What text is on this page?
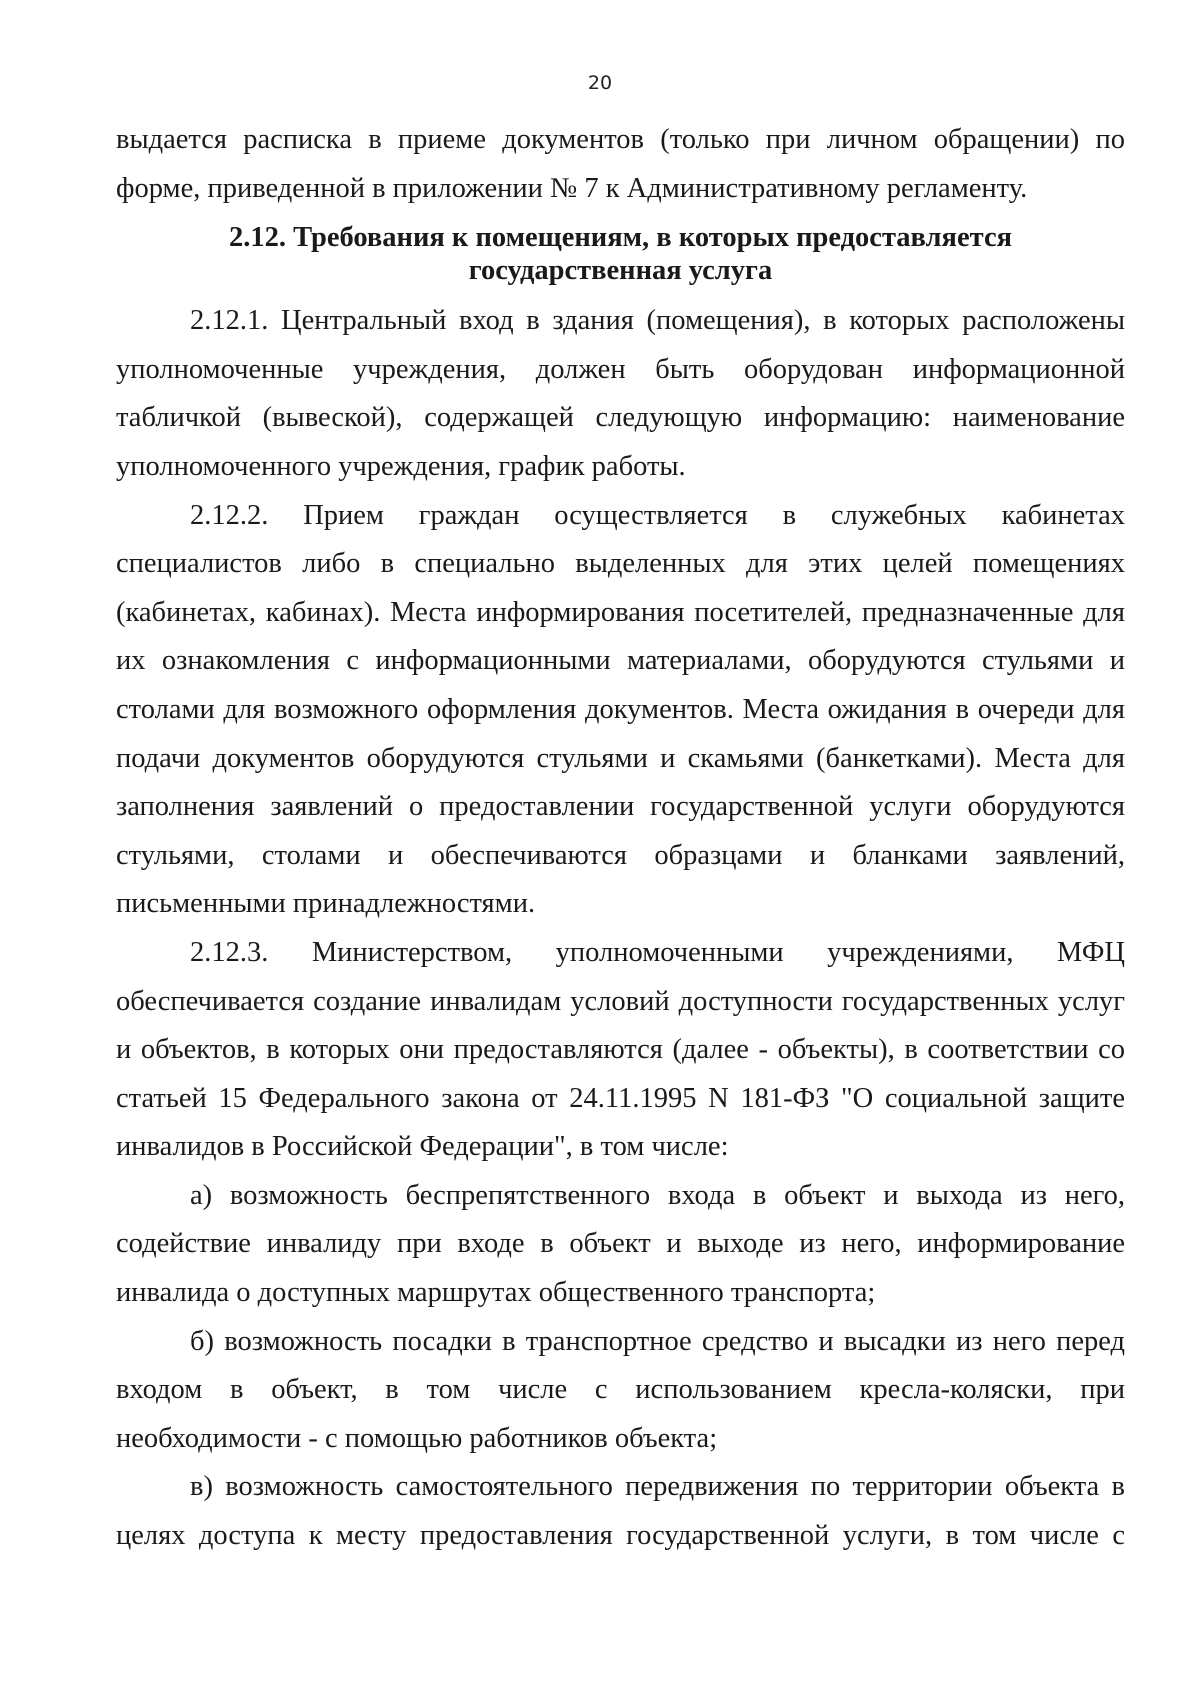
20

выдается расписка в приеме документов (только при личном обращении) по

форме, приведенной в приложении № 7 к Административному регламенту.

2.12. Требования к помещениям, в которых предоставляется
государственная услуга

2.12.1. Центральный вход в здания (помещения), в которых расположены

уполномоченные учреждения, должен быть оборудован информационной

табличкой (вывеской), содержащей следующую информацию: наименование

уполномоченного учреждения, график работы.

2.12.2. Прием граждан осуществляется в служебных кабинетах

специалистов либо в специально выделенных для этих целей помещениях

(кабинетах, кабинах). Места информирования посетителей, предназначенные для

их ознакомления с информационными материалами, оборудуются стульями и

столами для возможного оформления документов. Места ожидания в очереди для

подачи документов оборудуются стульями и скамьями (банкетками). Места для

заполнения заявлений о предоставлении государственной услуги оборудуются

стульями, столами и обеспечиваются образцами и бланками заявлений,

письменными принадлежностями.

2.12.3. Министерством, уполномоченными учреждениями, МФЦ

обеспечивается создание инвалидам условий доступности государственных услуг

и объектов, в которых они предоставляются (далее - объекты), в соответствии со

статьей 15 Федерального закона от 24.11.1995 N 181-ФЗ "О социальной защите

инвалидов в Российской Федерации", в том числе:

а) возможность беспрепятственного входа в объект и выхода из него,

содействие инвалиду при входе в объект и выходе из него, информирование

инвалида о доступных маршрутах общественного транспорта;

б) возможность посадки в транспортное средство и высадки из него перед

входом в объект, в том числе с использованием кресла-коляски, при

необходимости - с помощью работников объекта;

в) возможность самостоятельного передвижения по территории объекта в

целях доступа к месту предоставления государственной услуги, в том числе с
